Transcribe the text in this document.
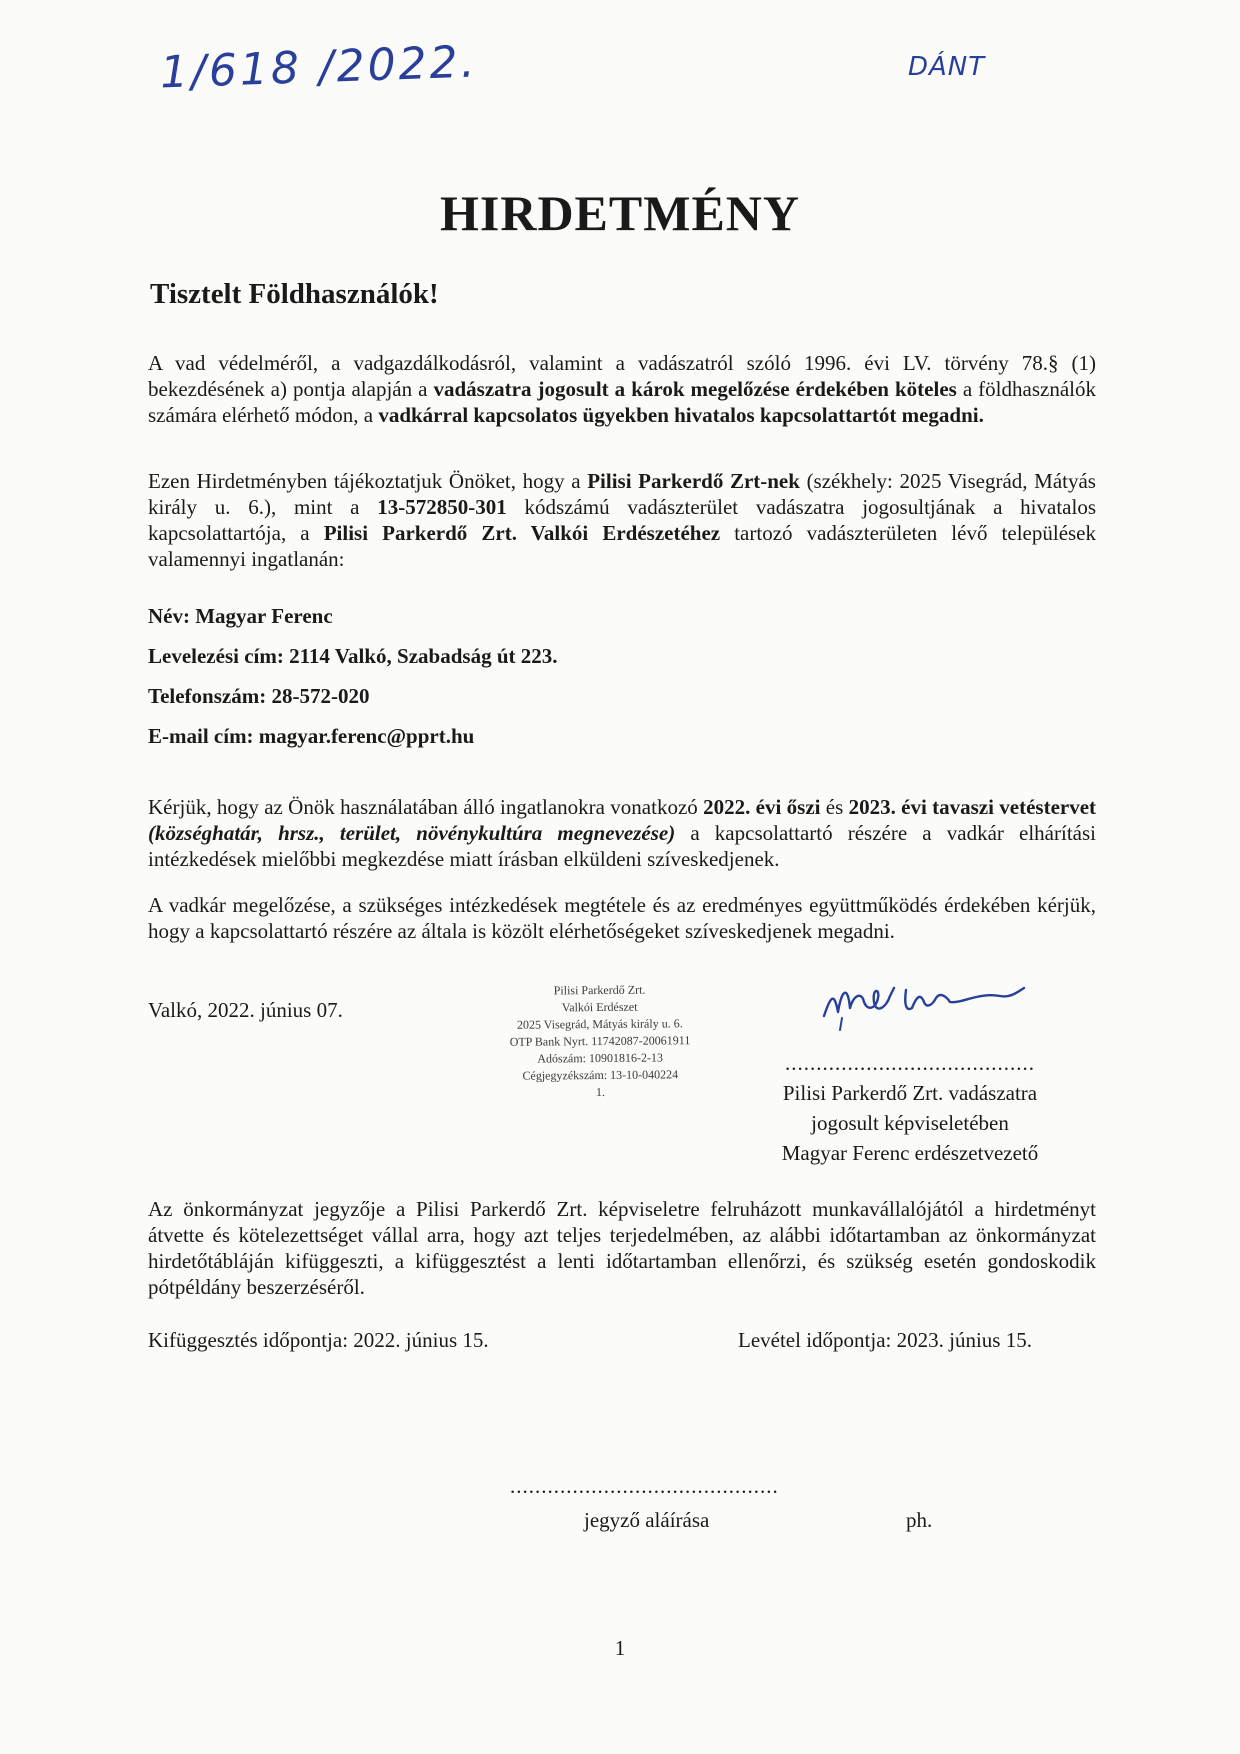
1/618 /2022.	DÁNT
HIRDETMÉNY
Tisztelt Földhasználók!
A vad védelméről, a vadgazdálkodásról, valamint a vadászatról szóló 1996. évi LV. törvény 78.§ (1) bekezdésének a) pontja alapján a vadászatra jogosult a károk megelőzése érdekében köteles a földhasználók számára elérhető módon, a vadkárral kapcsolatos ügyekben hivatalos kapcsolattartót megadni.
Ezen Hirdetményben tájékoztatjuk Önöket, hogy a Pilisi Parkerdő Zrt-nek (székhely: 2025 Visegrád, Mátyás király u. 6.), mint a 13-572850-301 kódszámú vadászterület vadászatra jogosultjának a hivatalos kapcsolattartója, a Pilisi Parkerdő Zrt. Valkói Erdészetéhez tartozó vadászterületen lévő települések valamennyi ingatlanán:
Név: Magyar Ferenc
Levelezési cím: 2114 Valkó, Szabadság út 223.
Telefonszám: 28-572-020
E-mail cím: magyar.ferenc@pprt.hu
Kérjük, hogy az Önök használatában álló ingatlanokra vonatkozó 2022. évi őszi és 2023. évi tavaszi vetéstervet (községhatár, hrsz., terület, növénykultúra megnevezése) a kapcsolattartó részére a vadkár elhárítási intézkedések mielőbbi megkezdése miatt írásban elküldeni szíveskedjenek.
A vadkár megelőzése, a szükséges intézkedések megtétele és az eredményes együttműködés érdekében kérjük, hogy a kapcsolattartó részére az általa is közölt elérhetőségeket szíveskedjenek megadni.
Valkó, 2022. június 07.
Pilisi Parkerdő Zrt.
Valkói Erdészet
2025 Visegrád, Mátyás király u. 6.
OTP Bank Nyrt. 11742087-20061911
Adószám: 10901816-2-13
Cégjegyzékszám: 13-10-040224
1.
........................................
Pilisi Parkerdő Zrt. vadászatra
jogosult képviseletében
Magyar Ferenc erdészetvezető
Az önkormányzat jegyzője a Pilisi Parkerdő Zrt. képviseletre felruházott munkavállalójától a hirdetményt átvette és kötelezettséget vállal arra, hogy azt teljes terjedelmében, az alábbi időtartamban az önkormányzat hirdetőtábláján kifüggeszti, a kifüggesztést a lenti időtartamban ellenőrzi, és szükség esetén gondoskodik pótpéldány beszerzéséről.
Kifüggesztés időpontja: 2022. június 15.	Levétel időpontja: 2023. június 15.
...........................................
jegyző aláírása	ph.
1
